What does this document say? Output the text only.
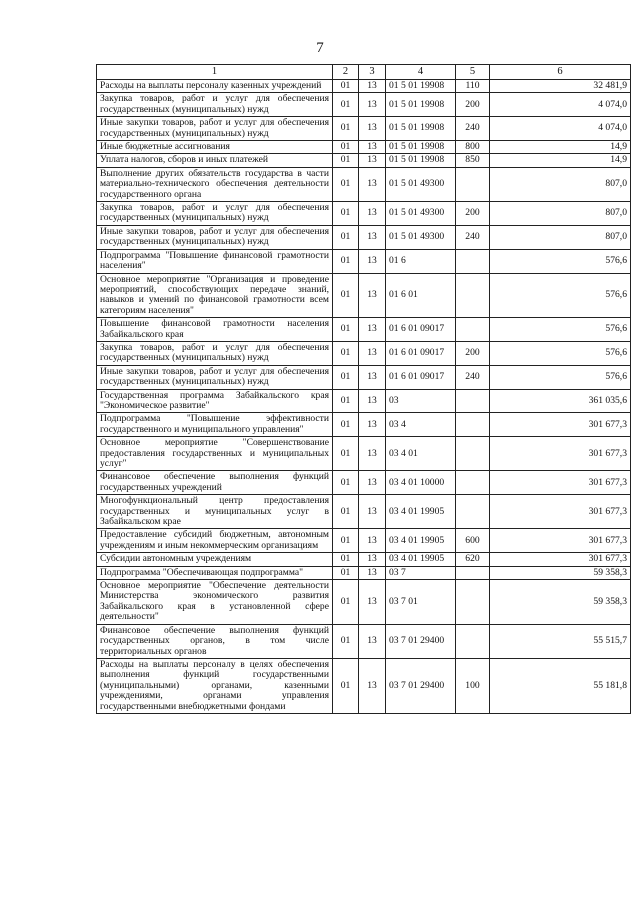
7
1	2	3	4	5	6
Расходы на выплаты персоналу казенных учреждений	01	13	01 5 01 19908	110	32 481,9
Закупка товаров, работ и услуг для обеспечения государственных (муниципальных) нужд	01	13	01 5 01 19908	200	4 074,0
Иные закупки товаров, работ и услуг для обеспечения государственных (муниципальных) нужд	01	13	01 5 01 19908	240	4 074,0
Иные бюджетные ассигнования	01	13	01 5 01 19908	800	14,9
Уплата налогов, сборов и иных платежей	01	13	01 5 01 19908	850	14,9
Выполнение других обязательств государства в части материально-технического обеспечения деятельности государственного органа	01	13	01 5 01 49300		807,0
Закупка товаров, работ и услуг для обеспечения государственных (муниципальных) нужд	01	13	01 5 01 49300	200	807,0
Иные закупки товаров, работ и услуг для обеспечения государственных (муниципальных) нужд	01	13	01 5 01 49300	240	807,0
Подпрограмма "Повышение финансовой грамотности населения"	01	13	01 6		576,6
Основное мероприятие "Организация и проведение мероприятий, способствующих передаче знаний, навыков и умений по финансовой грамотности всем категориям населения"	01	13	01 6 01		576,6
Повышение финансовой грамотности населения Забайкальского края	01	13	01 6 01 09017		576,6
Закупка товаров, работ и услуг для обеспечения государственных (муниципальных) нужд	01	13	01 6 01 09017	200	576,6
Иные закупки товаров, работ и услуг для обеспечения государственных (муниципальных) нужд	01	13	01 6 01 09017	240	576,6
Государственная программа Забайкальского края "Экономическое развитие"	01	13	03		361 035,6
Подпрограмма "Повышение эффективности государственного и муниципального управления"	01	13	03 4		301 677,3
Основное мероприятие "Совершенствование предоставления государственных и муниципальных услуг"	01	13	03 4 01		301 677,3
Финансовое обеспечение выполнения функций государственных учреждений	01	13	03 4 01 10000		301 677,3
Многофункциональный центр предоставления государственных и муниципальных услуг в Забайкальском крае	01	13	03 4 01 19905		301 677,3
Предоставление субсидий бюджетным, автономным учреждениям и иным некоммерческим организациям	01	13	03 4 01 19905	600	301 677,3
Субсидии автономным учреждениям	01	13	03 4 01 19905	620	301 677,3
Подпрограмма "Обеспечивающая подпрограмма"	01	13	03 7		59 358,3
Основное мероприятие "Обеспечение деятельности Министерства экономического развития Забайкальского края в установленной сфере деятельности"	01	13	03 7 01		59 358,3
Финансовое обеспечение выполнения функций государственных органов, в том числе территориальных органов	01	13	03 7 01 29400		55 515,7
Расходы на выплаты персоналу в целях обеспечения выполнения функций государственными (муниципальными) органами, казенными учреждениями, органами управления государственными внебюджетными фондами	01	13	03 7 01 29400	100	55 181,8
